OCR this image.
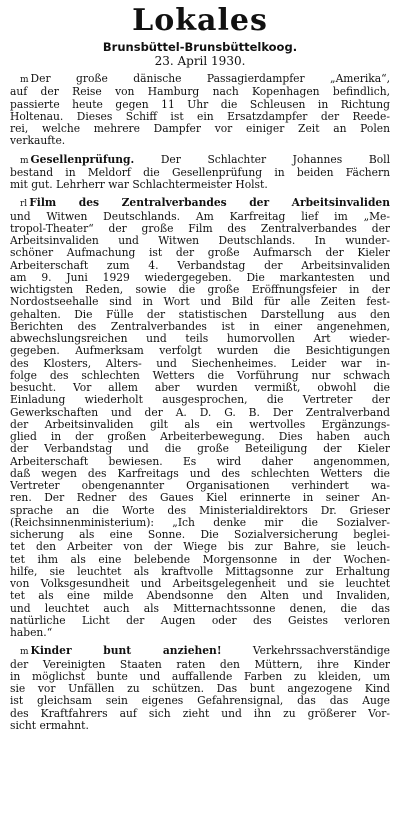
Lokales
Brunsbüttel-Brunsbüttelkoog.
23. April 1930.
m Der große dänische Passagierdampfer „Amerika“,
auf der Reise von Hamburg nach Kopenhagen befindlich,
passierte heute gegen 11 Uhr die Schleusen in Richtung
Holtenau. Dieses Schiff ist ein Ersatzdampfer der Reede-
rei, welche mehrere Dampfer vor einiger Zeit an Polen
verkaufte.
m Gesellenprüfung. Der Schlachter Johannes Boll
bestand in Meldorf die Gesellenprüfung in beiden Fächern
mit gut. Lehrherr war Schlachtermeister Holst.
rl Film des Zentralverbandes der Arbeitsinvaliden
und Witwen Deutschlands. Am Karfreitag lief im „Me-
tropol-Theater“ der große Film des Zentralverbandes der
Arbeitsinvaliden und Witwen Deutschlands. In wunder-
schöner Aufmachung ist der große Aufmarsch der Kieler
Arbeiterschaft zum 4. Verbandstag der Arbeitsinvaliden
am 9. Juni 1929 wiedergegeben. Die markantesten und
wichtigsten Reden, sowie die große Eröffnungsfeier in der
Nordostseehalle sind in Wort und Bild für alle Zeiten fest-
gehalten. Die Fülle der statistischen Darstellung aus den
Berichten des Zentralverbandes ist in einer angenehmen,
abwechslungsreichen und teils humorvollen Art wieder-
gegeben. Aufmerksam verfolgt wurden die Besichtigungen
des Klosters, Alters- und Siechenheimes. Leider war in-
folge des schlechten Wetters die Vorführung nur schwach
besucht. Vor allem aber wurden vermißt, obwohl die
Einladung wiederholt ausgesprochen, die Vertreter der
Gewerkschaften und der A. D. G. B. Der Zentralverband
der Arbeitsinvaliden gilt als ein wertvolles Ergänzungs-
glied in der großen Arbeiterbewegung. Dies haben auch
der Verbandstag und die große Beteiligung der Kieler
Arbeiterschaft bewiesen. Es wird daher angenommen,
daß wegen des Karfreitags und des schlechten Wetters die
Vertreter obengenannter Organisationen verhindert wa-
ren. Der Redner des Gaues Kiel erinnerte in seiner An-
sprache an die Worte des Ministerialdirektors Dr. Grieser
(Reichsinnenministerium): „Ich denke mir die Sozialver-
sicherung als eine Sonne. Die Sozialversicherung beglei-
tet den Arbeiter von der Wiege bis zur Bahre, sie leuch-
tet ihm als eine belebende Morgensonne in der Wochen-
hilfe, sie leuchtet als kraftvolle Mittagsonne zur Erhaltung
von Volksgesundheit und Arbeitsgelegenheit und sie leuchtet
tet als eine milde Abendsonne den Alten und Invaliden,
und leuchtet auch als Mitternachtssonne denen, die das
natürliche Licht der Augen oder des Geistes verloren
haben.“
m Kinder bunt anziehen! Verkehrssachverständige
der Vereinigten Staaten raten den Müttern, ihre Kinder
in möglichst bunte und auffallende Farben zu kleiden, um
sie vor Unfällen zu schützen. Das bunt angezogene Kind
ist gleichsam sein eigenes Gefahrensignal, das das Auge
des Kraftfahrers auf sich zieht und ihn zu größerer Vor-
sicht ermahnt.
